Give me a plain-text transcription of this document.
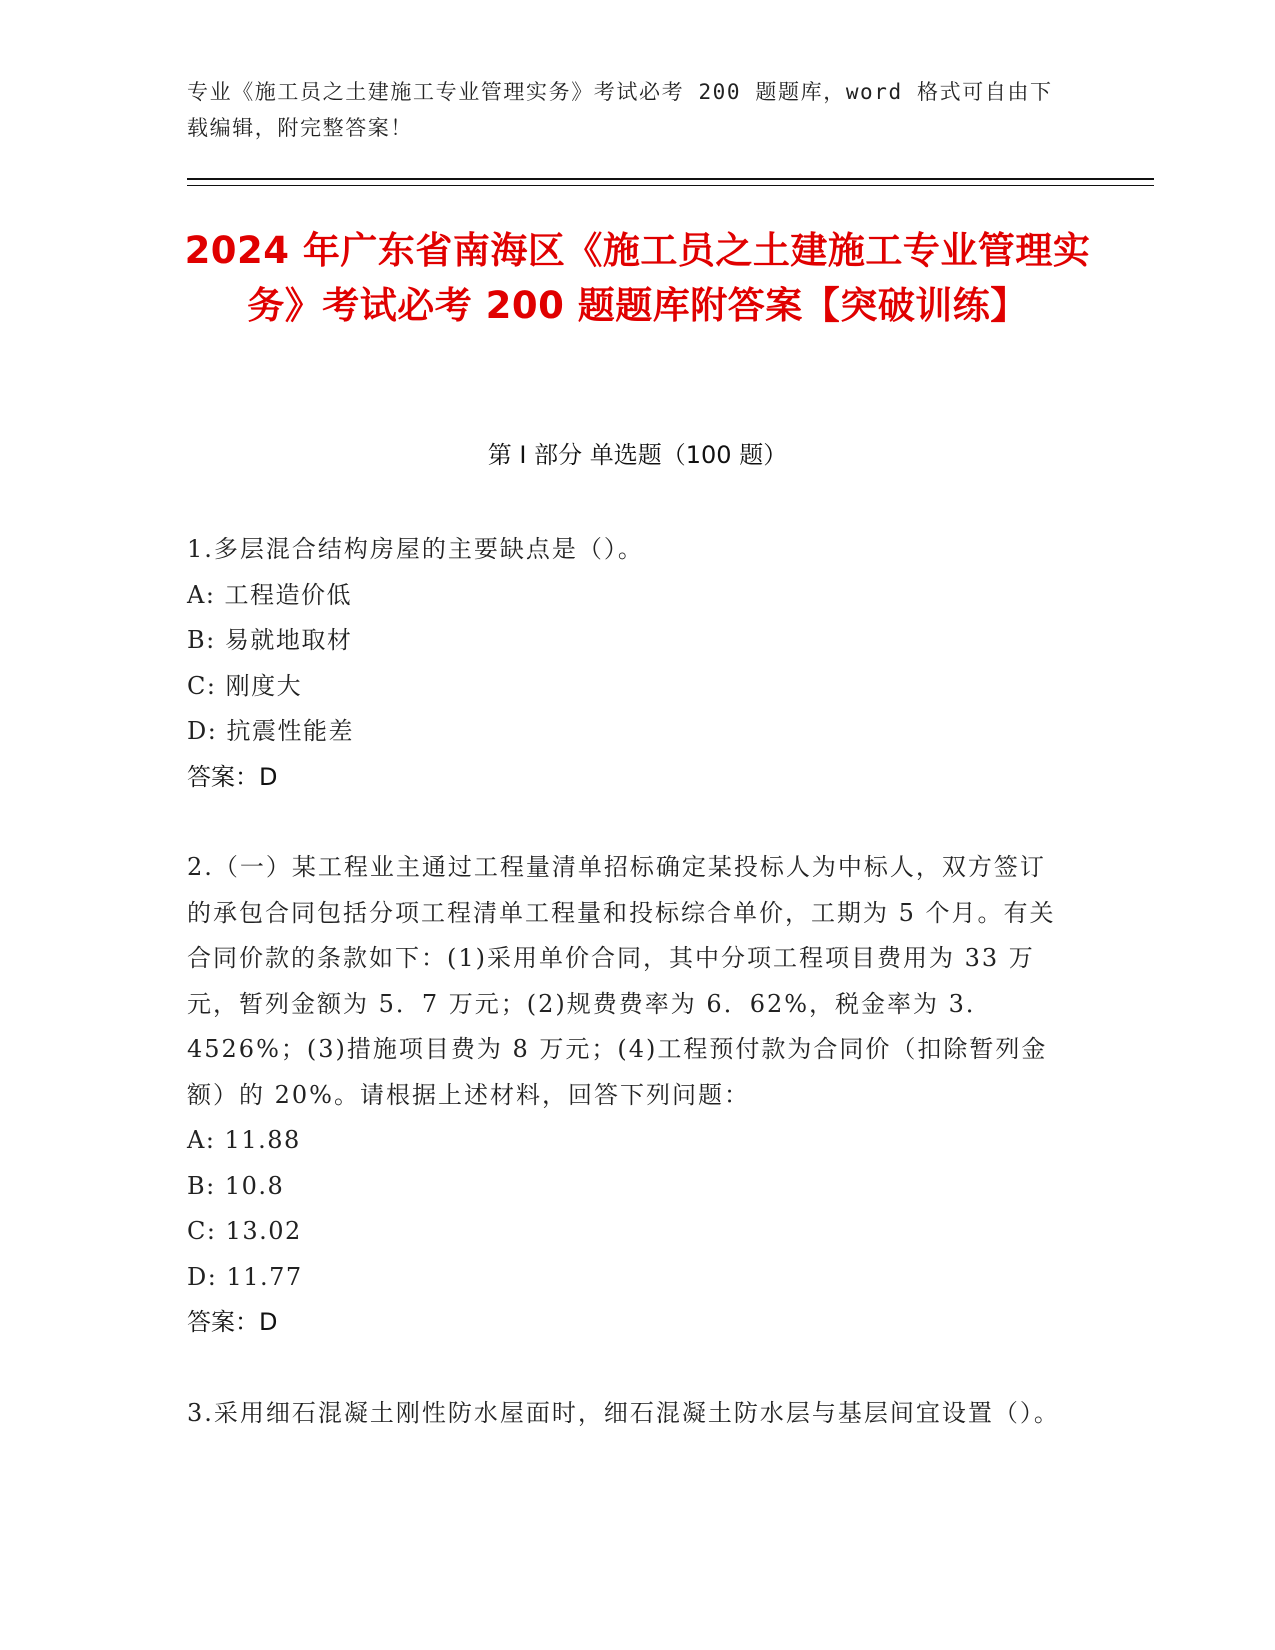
专业《施工员之土建施工专业管理实务》考试必考 200 题题库，word 格式可自由下载编辑，附完整答案！
2024 年广东省南海区《施工员之土建施工专业管理实务》考试必考 200 题题库附答案【突破训练】
第 I 部分 单选题（100 题）

1.多层混合结构房屋的主要缺点是（）。

A: 工程造价低

B: 易就地取材

C: 刚度大

D: 抗震性能差

答案：D

2.（一）某工程业主通过工程量清单招标确定某投标人为中标人，双方签订的承包合同包括分项工程清单工程量和投标综合单价，工期为 5 个月。有关合同价款的条款如下：(1)采用单价合同，其中分项工程项目费用为 33 万元，暂列金额为 5．7 万元；(2)规费费率为 6．62%，税金率为 3．4526%；(3)措施项目费为 8 万元；(4)工程预付款为合同价（扣除暂列金额）的 20%。请根据上述材料，回答下列问题：

A: 11.88

B: 10.8

C: 13.02

D: 11.77

答案：D

3.采用细石混凝土刚性防水屋面时，细石混凝土防水层与基层间宜设置（）。
